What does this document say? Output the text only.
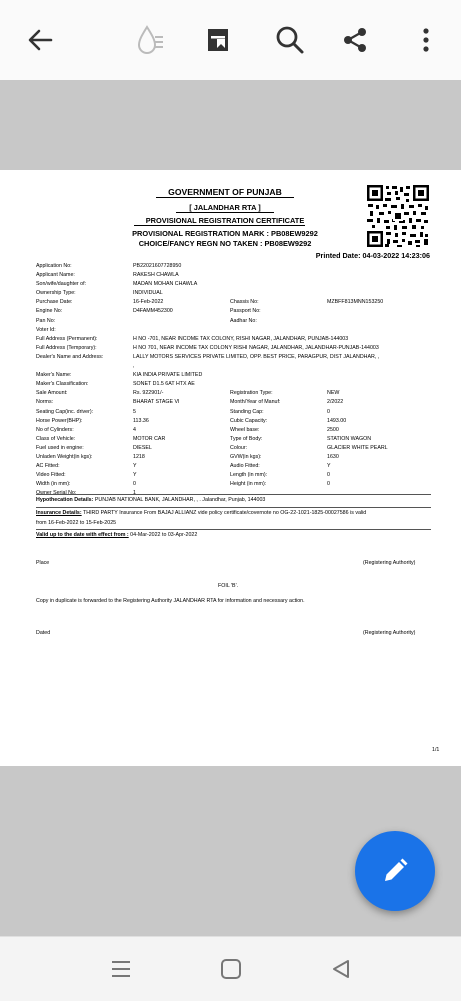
GOVERNMENT OF PUNJAB
[ JALANDHAR RTA ]
PROVISIONAL REGISTRATION CERTIFICATE
PROVISIONAL REGISTRATION MARK : PB08EW9292
CHOICE/FANCY REGN NO TAKEN : PB08EW9292
Printed Date: 04-03-2022 14:23:06
Application No:	PB22021607728950
Applicant Name:	RAKESH CHAWLA
Son/wife/daughter of:	MADAN MOHAN CHAWLA
Ownership Type:	INDIVIDUAL
Purchase Date:	16-Feb-2022	Chassis No:	MZBFF813MNN153250
Engine No:	D4FAMM452300	Passport No:
Pan No:	Aadhar No:
Voter Id:
Full Address (Permanent):	H NO -701, NEAR INCOME TAX COLONY, RISHI NAGAR, JALANDHAR, PUNJAB-144003
Full Address (Temporary):	H NO 701, NEAR INCOME TAX COLONY RISHI NAGAR, JALANDHAR, JALANDHAR-PUNJAB-144003
Dealer's Name and Address:	LALLY MOTORS SERVICES PRIVATE LIMITED, OPP. BEST PRICE, PARAGPUR, DIST JALANDHAR, ,
,
Maker's Name:	KIA INDIA PRIVATE LIMITED
Maker's Classification:	SONET D1.5 6AT HTX AE
Sale Amount:	Rs. 922901/-	Registration Type:	NEW
Norms:	BHARAT STAGE VI	Month/Year of Manuf:	2/2022
Seating Cap(inc. driver):	5	Standing Cap:	0
Horse Power(BHP):	113.36	Cubic Capacity:	1493.00
No of Cylinders:	4	Wheel base:	2500
Class of Vehicle:	MOTOR CAR	Type of Body:	STATION WAGON
Fuel used in engine:	DIESEL	Colour:	GLACIER WHITE PEARL
Unladen Weight(in kgs):	1218	GVW(in kgs):	1630
AC Fitted:	Y	Audio Fitted:	Y
Video Fitted:	Y	Length (in mm):	0
Width (in mm):	0	Height (in mm):	0
Owner Serial No:	1
Hypothecation Details: PUNJAB NATIONAL BANK, JALANDHAR, , . Jalandhar, Punjab, 144003
Insurance Details: THIRD PARTY Insurance From BAJAJ ALLIANZ vide policy certificate/covernote no OG-22-1021-1825-00027586 is valid
from 16-Feb-2022 to 15-Feb-2025
Valid up to the date with effect from : 04-Mar-2022 to 03-Apr-2022
Place	(Registering Authority)
FOIL 'B'.
Copy in duplicate is forwarded to the Registering Authority JALANDHAR RTA for information and necessary action.
Dated	(Registering Authority)
1/1
